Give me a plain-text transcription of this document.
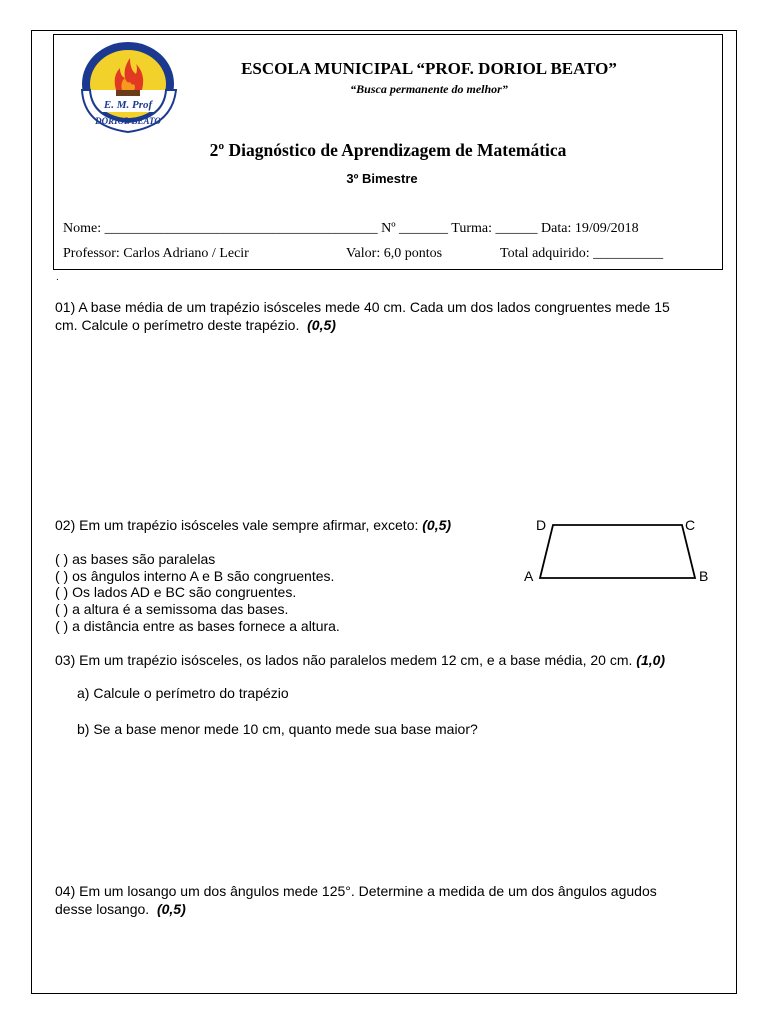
E. M. Prof
DORIOL BEATO
ESCOLA MUNICIPAL “PROF. DORIOL BEATO”
“Busca permanente do melhor”
2º Diagnóstico de Aprendizagem de Matemática
3º Bimestre
Nome: _______________________________________ Nº _______ Turma: ______ Data: 19/09/2018
Professor: Carlos Adriano / Lecir	Valor: 6,0 pontos	Total adquirido: __________
.
01) A base média de um trapézio isósceles mede 40 cm. Cada um dos lados congruentes mede 15
cm. Calcule o perímetro deste trapézio. (0,5)
02) Em um trapézio isósceles vale sempre afirmar, exceto: (0,5)
( ) as bases são paralelas
( ) os ângulos interno A e B são congruentes.
( ) Os lados AD e BC são congruentes.
( ) a altura é a semissoma das bases.
( ) a distância entre as bases fornece a altura.
A	B
C
D
03) Em um trapézio isósceles, os lados não paralelos medem 12 cm, e a base média, 20 cm. (1,0)
a) Calcule o perímetro do trapézio
b) Se a base menor mede 10 cm, quanto mede sua base maior?
04) Em um losango um dos ângulos mede 125°. Determine a medida de um dos ângulos agudos
desse losango. (0,5)
